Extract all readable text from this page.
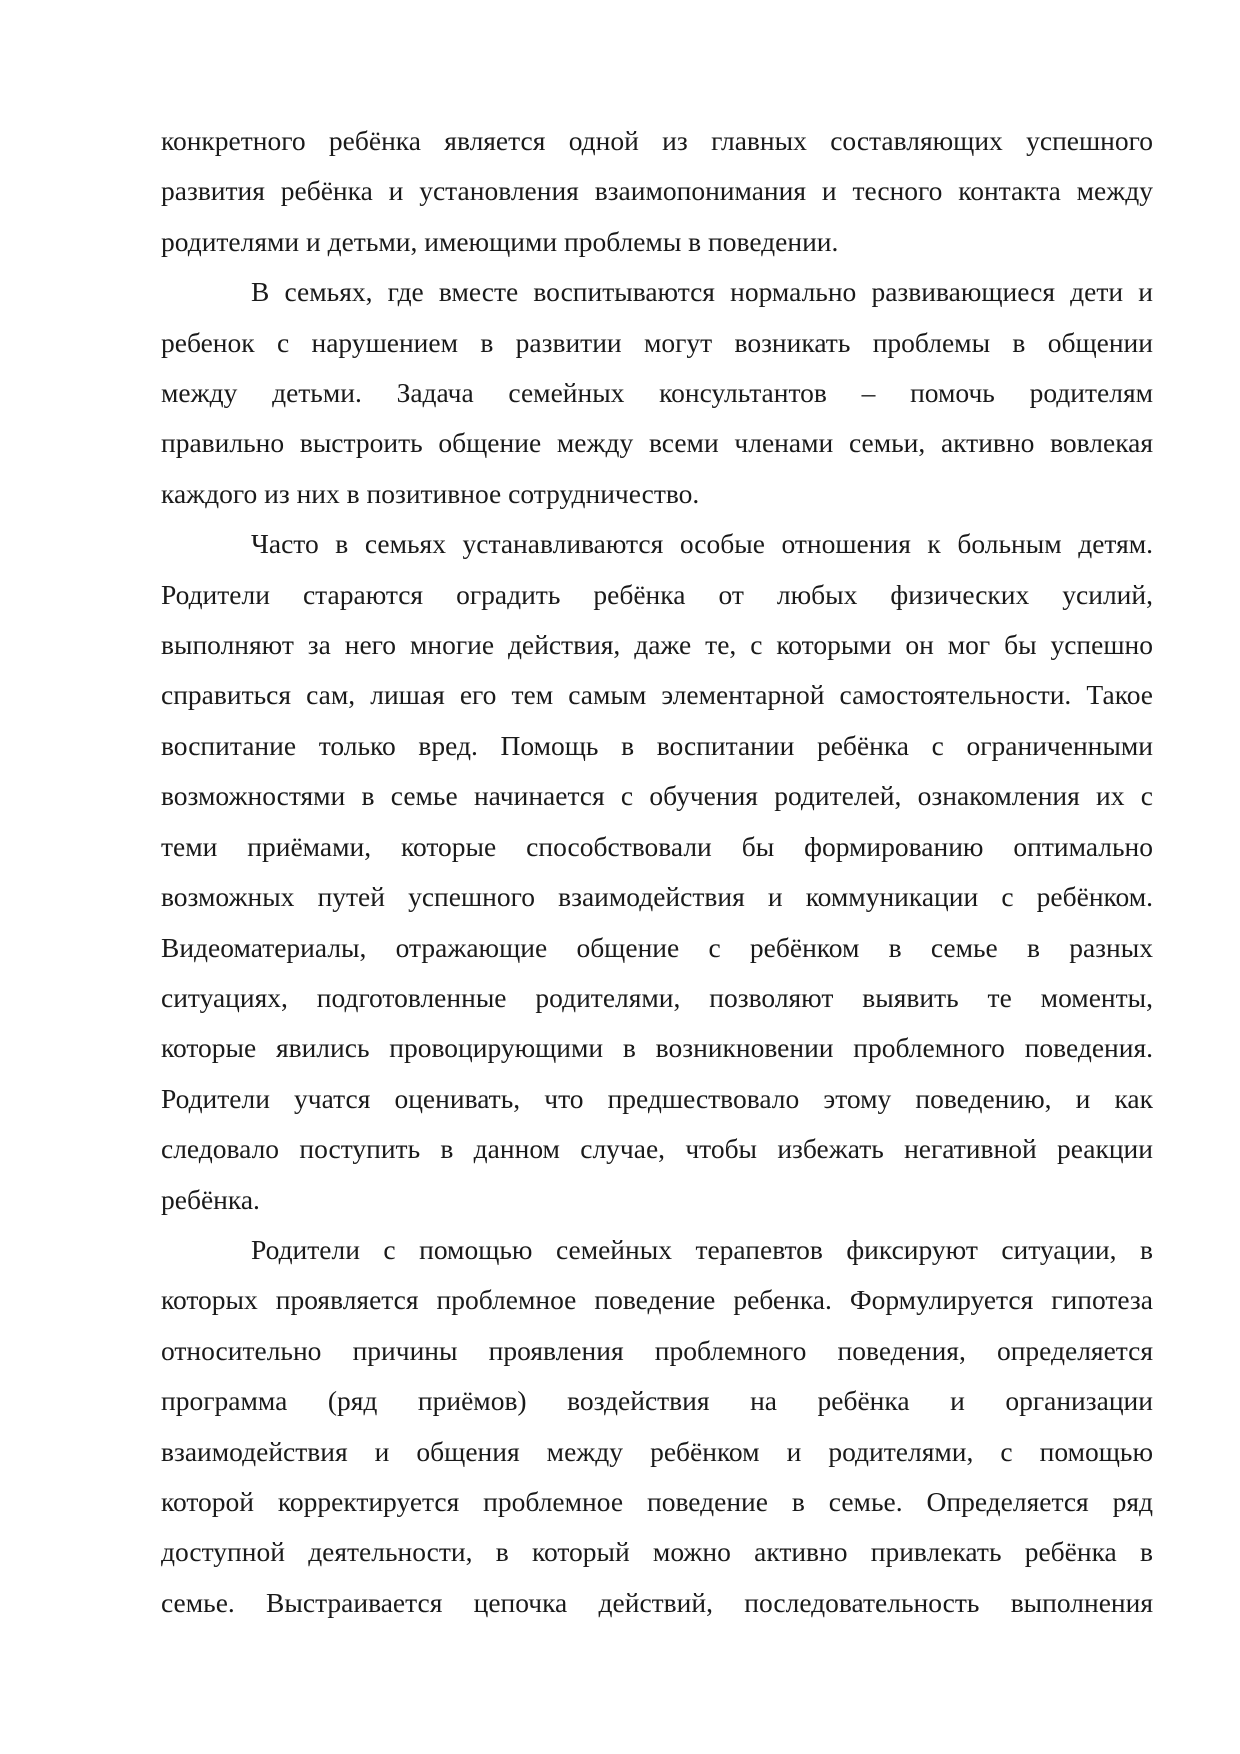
конкретного ребёнка является одной из главных составляющих успешного
развития ребёнка и установления взаимопонимания и тесного контакта между
родителями и детьми, имеющими проблемы в поведении.
В семьях, где вместе воспитываются нормально развивающиеся дети и
ребенок с нарушением в развитии могут возникать проблемы в общении
между детьми. Задача семейных консультантов – помочь родителям
правильно выстроить общение между всеми членами семьи, активно вовлекая
каждого из них в позитивное сотрудничество.
Часто в семьях устанавливаются особые отношения к больным детям.
Родители стараются оградить ребёнка от любых физических усилий,
выполняют за него многие действия, даже те, с которыми он мог бы успешно
справиться сам, лишая его тем самым элементарной самостоятельности. Такое
воспитание только вред. Помощь в воспитании ребёнка с ограниченными
возможностями в семье начинается с обучения родителей, ознакомления их с
теми приёмами, которые способствовали бы формированию оптимально
возможных путей успешного взаимодействия и коммуникации с ребёнком.
Видеоматериалы, отражающие общение с ребёнком в семье в разных
ситуациях, подготовленные родителями, позволяют выявить те моменты,
которые явились провоцирующими в возникновении проблемного поведения.
Родители учатся оценивать, что предшествовало этому поведению, и как
следовало поступить в данном случае, чтобы избежать негативной реакции
ребёнка.
Родители с помощью семейных терапевтов фиксируют ситуации, в
которых проявляется проблемное поведение ребенка. Формулируется гипотеза
относительно причины проявления проблемного поведения, определяется
программа (ряд приёмов) воздействия на ребёнка и организации
взаимодействия и общения между ребёнком и родителями, с помощью
которой корректируется проблемное поведение в семье. Определяется ряд
доступной деятельности, в который можно активно привлекать ребёнка в
семье. Выстраивается цепочка действий, последовательность выполнения
